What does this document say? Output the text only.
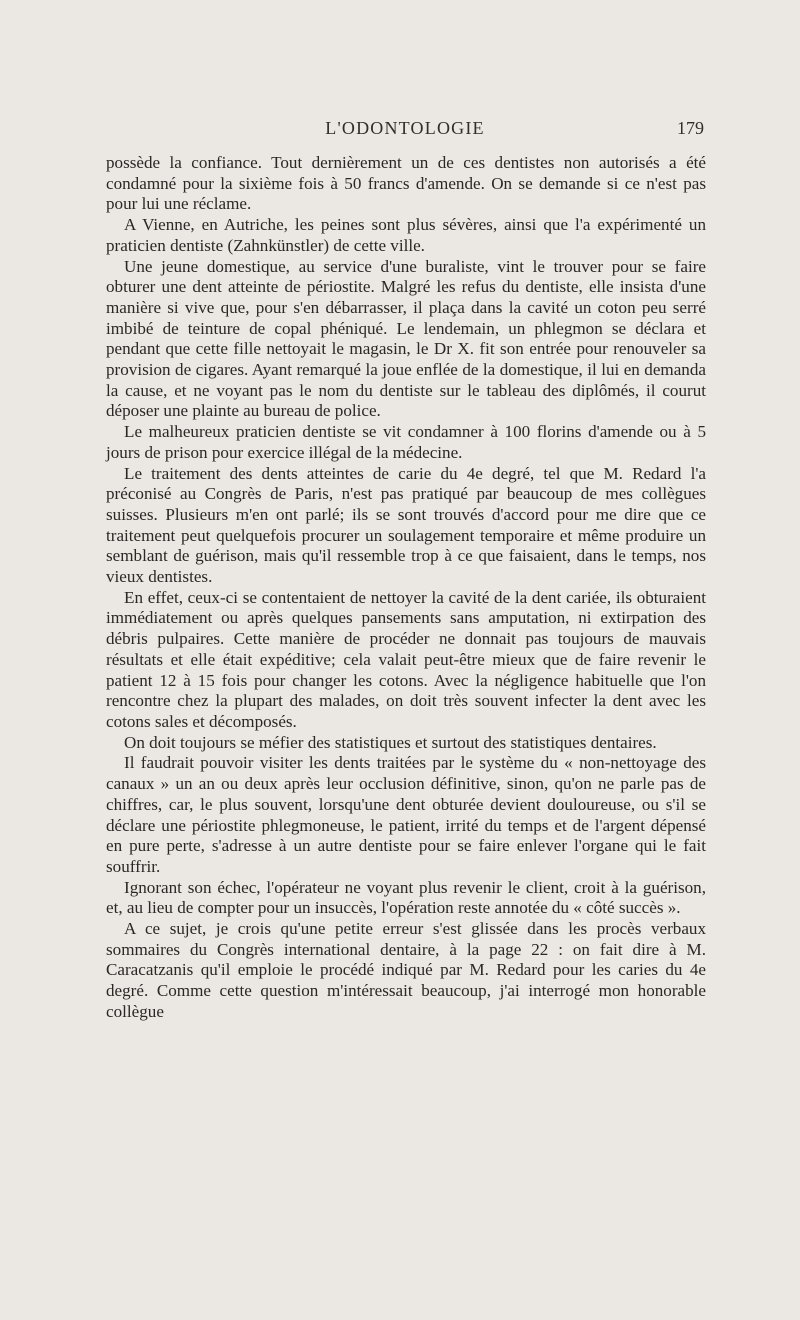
L'ODONTOLOGIE	179

possède la confiance. Tout dernièrement un de ces dentistes non autorisés a été condamné pour la sixième fois à 50 francs d'amende. On se demande si ce n'est pas pour lui une réclame.

A Vienne, en Autriche, les peines sont plus sévères, ainsi que l'a expérimenté un praticien dentiste (Zahnkünstler) de cette ville.

Une jeune domestique, au service d'une buraliste, vint le trouver pour se faire obturer une dent atteinte de périostite. Malgré les refus du dentiste, elle insista d'une manière si vive que, pour s'en débarrasser, il plaça dans la cavité un coton peu serré imbibé de teinture de copal phéniqué. Le lendemain, un phlegmon se déclara et pendant que cette fille nettoyait le magasin, le Dr X. fit son entrée pour renouveler sa provision de cigares. Ayant remarqué la joue enflée de la domestique, il lui en demanda la cause, et ne voyant pas le nom du dentiste sur le tableau des diplômés, il courut déposer une plainte au bureau de police.

Le malheureux praticien dentiste se vit condamner à 100 florins d'amende ou à 5 jours de prison pour exercice illégal de la médecine.

Le traitement des dents atteintes de carie du 4e degré, tel que M. Redard l'a préconisé au Congrès de Paris, n'est pas pratiqué par beaucoup de mes collègues suisses. Plusieurs m'en ont parlé; ils se sont trouvés d'accord pour me dire que ce traitement peut quelquefois procurer un soulagement temporaire et même produire un semblant de guérison, mais qu'il ressemble trop à ce que faisaient, dans le temps, nos vieux dentistes.

En effet, ceux-ci se contentaient de nettoyer la cavité de la dent cariée, ils obturaient immédiatement ou après quelques pansements sans amputation, ni extirpation des débris pulpaires. Cette manière de procéder ne donnait pas toujours de mauvais résultats et elle était expéditive; cela valait peut-être mieux que de faire revenir le patient 12 à 15 fois pour changer les cotons. Avec la négligence habituelle que l'on rencontre chez la plupart des malades, on doit très souvent infecter la dent avec les cotons sales et décomposés.

On doit toujours se méfier des statistiques et surtout des statistiques dentaires.

Il faudrait pouvoir visiter les dents traitées par le système du « non-nettoyage des canaux » un an ou deux après leur occlusion définitive, sinon, qu'on ne parle pas de chiffres, car, le plus souvent, lorsqu'une dent obturée devient douloureuse, ou s'il se déclare une périostite phlegmoneuse, le patient, irrité du temps et de l'argent dépensé en pure perte, s'adresse à un autre dentiste pour se faire enlever l'organe qui le fait souffrir.

Ignorant son échec, l'opérateur ne voyant plus revenir le client, croit à la guérison, et, au lieu de compter pour un insuccès, l'opération reste annotée du « côté succès ».

A ce sujet, je crois qu'une petite erreur s'est glissée dans les procès verbaux sommaires du Congrès international dentaire, à la page 22 : on fait dire à M. Caracatzanis qu'il emploie le procédé indiqué par M. Redard pour les caries du 4e degré. Comme cette question m'intéressait beaucoup, j'ai interrogé mon honorable collègue
